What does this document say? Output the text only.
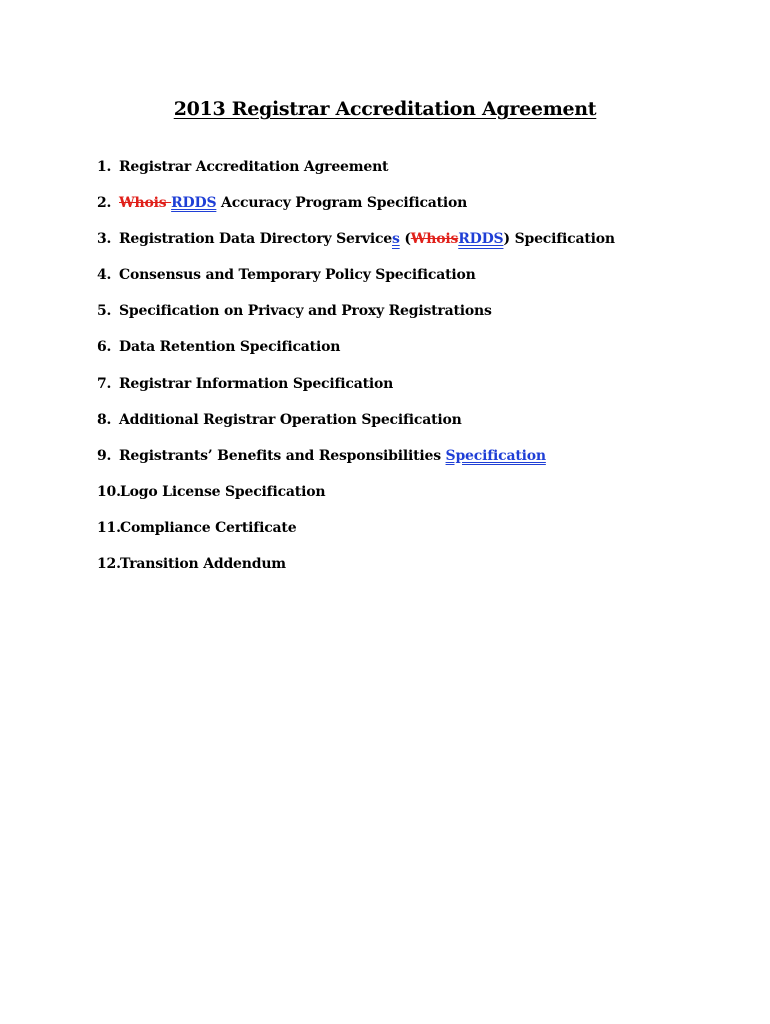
2013 Registrar Accreditation Agreement
1. Registrar Accreditation Agreement
2. Whois RDDS Accuracy Program Specification
3. Registration Data Directory Services (WhoisRDDS) Specification
4. Consensus and Temporary Policy Specification
5. Specification on Privacy and Proxy Registrations
6. Data Retention Specification
7. Registrar Information Specification
8. Additional Registrar Operation Specification
9. Registrants’ Benefits and Responsibilities Specification
10.Logo License Specification
11.Compliance Certificate
12.Transition Addendum
